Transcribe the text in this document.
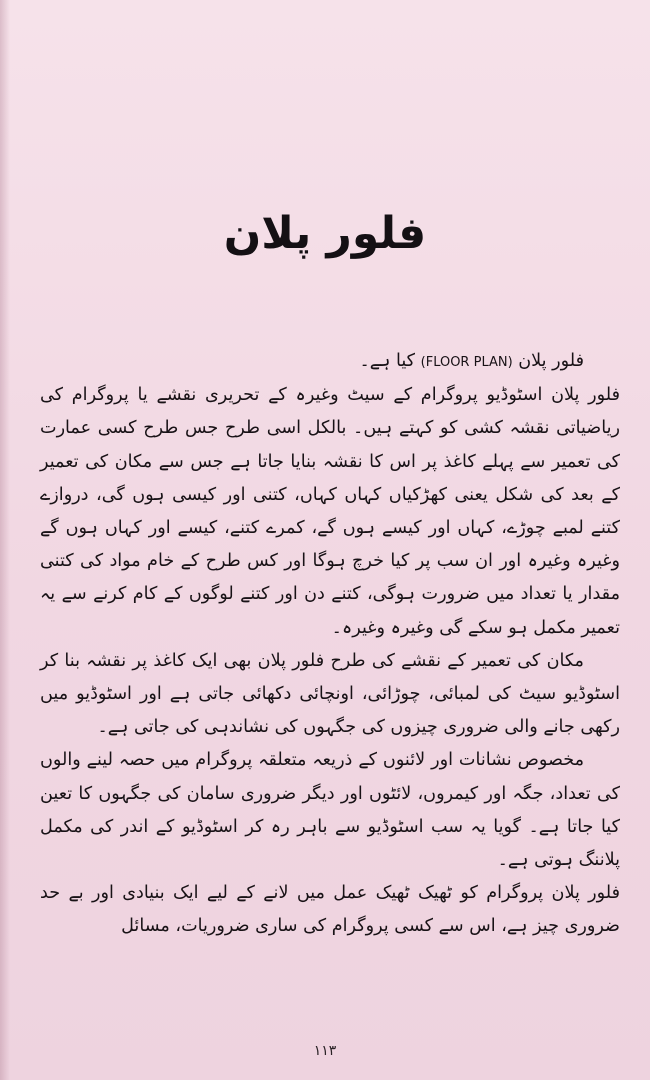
فلور پلان

فلور پلان (FLOOR PLAN) کیا ہے۔

فلور پلان اسٹوڈیو پروگرام کے سیٹ وغیرہ کے تحریری نقشے یا پروگرام کی ریاضیاتی نقشہ کشی کو کہتے ہیں۔ بالکل اسی طرح جس طرح کسی عمارت کی تعمیر سے پہلے کاغذ پر اس کا نقشہ بنایا جاتا ہے جس سے مکان کی تعمیر کے بعد کی شکل یعنی کھڑکیاں کہاں کہاں، کتنی اور کیسی ہوں گی، دروازے کتنے لمبے چوڑے، کہاں اور کیسے ہوں گے، کمرے کتنے، کیسے اور کہاں ہوں گے وغیرہ وغیرہ اور ان سب پر کیا خرچ ہوگا اور کس طرح کے خام مواد کی کتنی مقدار یا تعداد میں ضرورت ہوگی، کتنے دن اور کتنے لوگوں کے کام کرنے سے یہ تعمیر مکمل ہو سکے گی وغیرہ وغیرہ۔

مکان کی تعمیر کے نقشے کی طرح فلور پلان بھی ایک کاغذ پر نقشہ بنا کر اسٹوڈیو سیٹ کی لمبائی، چوڑائی، اونچائی دکھائی جاتی ہے اور اسٹوڈیو میں رکھی جانے والی ضروری چیزوں کی جگہوں کی نشاندہی کی جاتی ہے۔

مخصوص نشانات اور لائنوں کے ذریعہ متعلقہ پروگرام میں حصہ لینے والوں کی تعداد، جگہ اور کیمروں، لائٹوں اور دیگر ضروری سامان کی جگہوں کا تعین کیا جاتا ہے۔ گویا یہ سب اسٹوڈیو سے باہر رہ کر اسٹوڈیو کے اندر کی مکمل پلاننگ ہوتی ہے۔

فلور پلان پروگرام کو ٹھیک ٹھیک عمل میں لانے کے لیے ایک بنیادی اور بے حد ضروری چیز ہے، اس سے کسی پروگرام کی ساری ضروریات، مسائل

۱۱۳
